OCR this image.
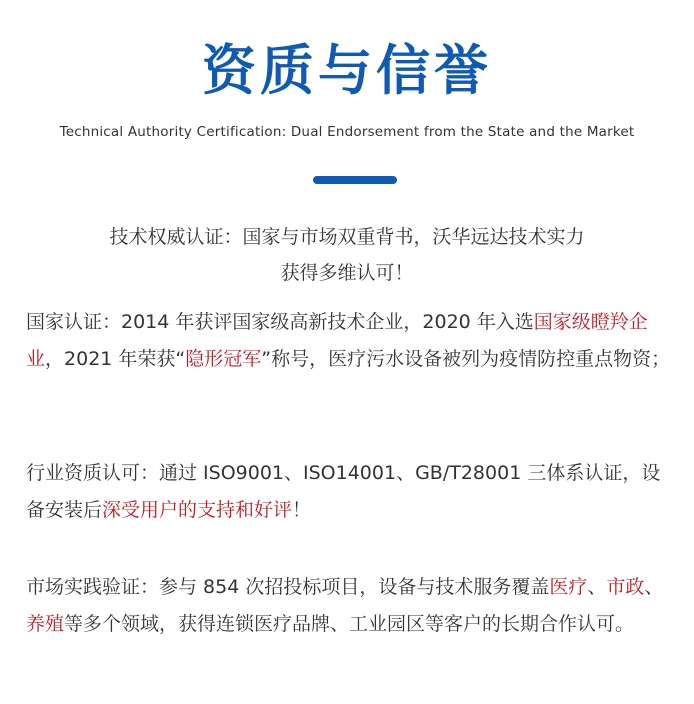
资质与信誉
Technical Authority Certification: Dual Endorsement from the State and the Market
技术权威认证：国家与市场双重背书，沃华远达技术实力
获得多维认可！
国家认证：2014 年获评国家级高新技术企业，2020 年入选国家级瞪羚企业，2021 年荣获“隐形冠军”称号，医疗污水设备被列为疫情防控重点物资；
行业资质认可：通过 ISO9001、ISO14001、GB/T28001 三体系认证，设备安装后深受用户的支持和好评！
市场实践验证：参与 854 次招投标项目，设备与技术服务覆盖医疗、市政、养殖等多个领域，获得连锁医疗品牌、工业园区等客户的长期合作认可。
